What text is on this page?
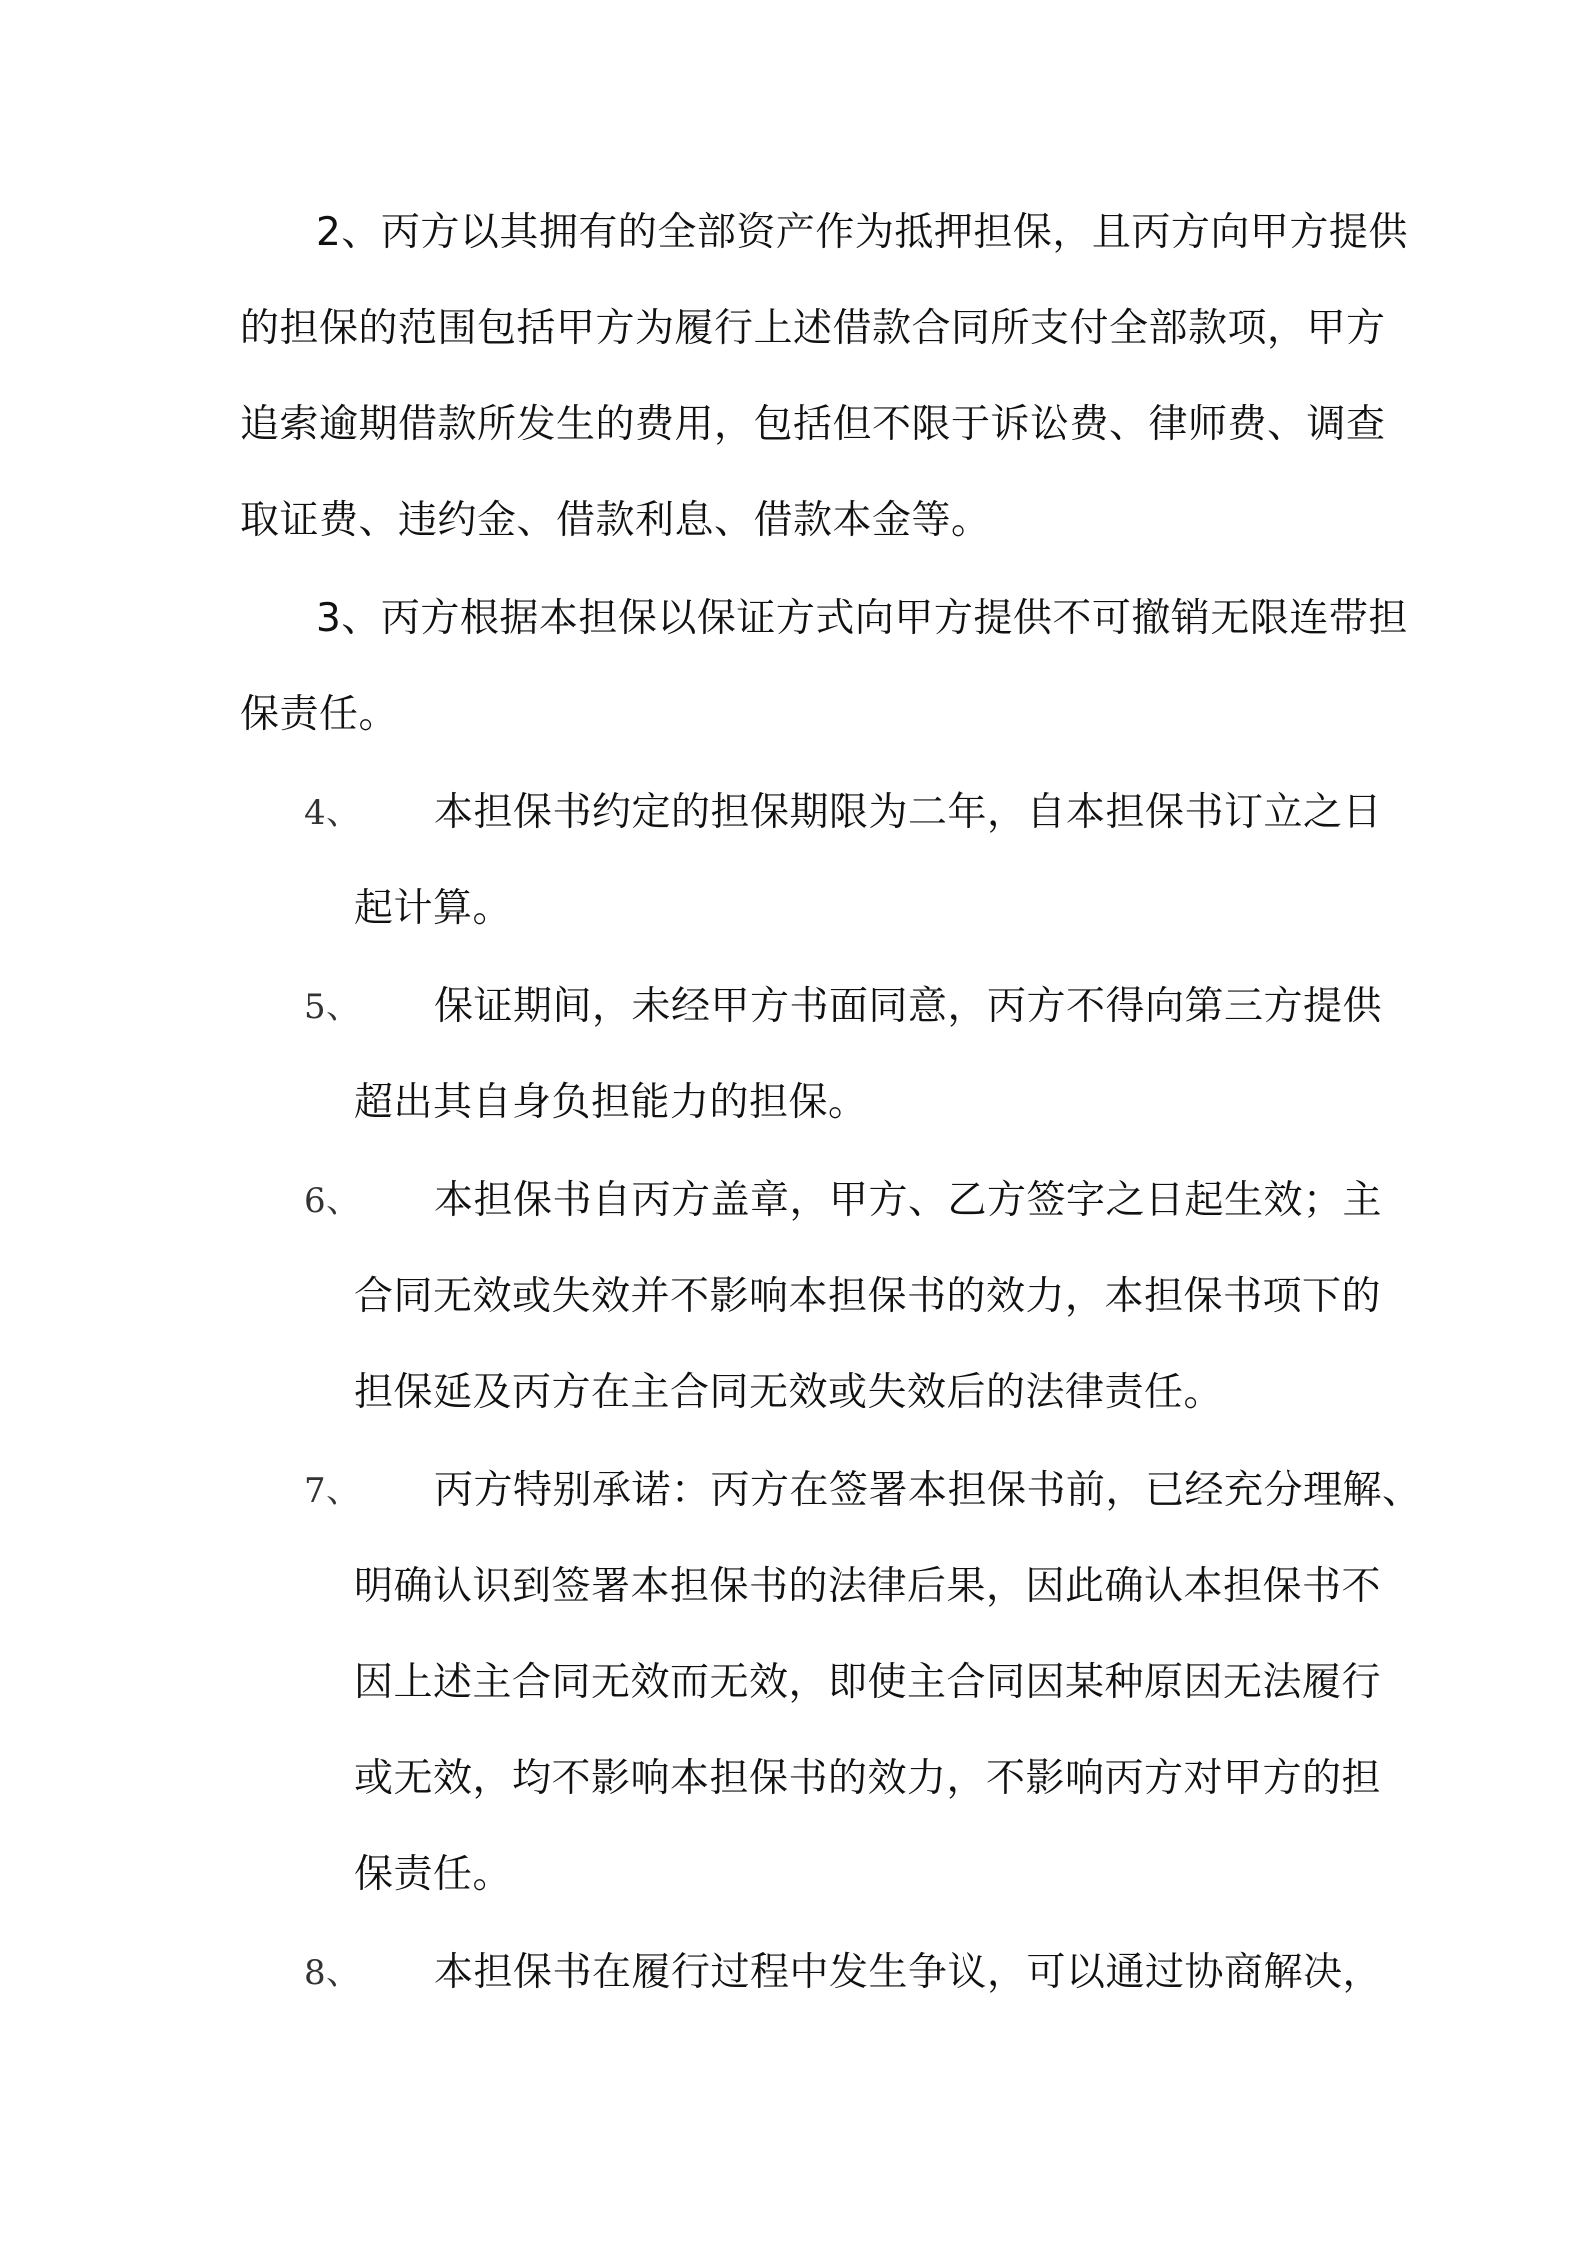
2、丙方以其拥有的全部资产作为抵押担保，且丙方向甲方提供
的担保的范围包括甲方为履行上述借款合同所支付全部款项，甲方
追索逾期借款所发生的费用，包括但不限于诉讼费、律师费、调查
取证费、违约金、借款利息、借款本金等。
3、丙方根据本担保以保证方式向甲方提供不可撤销无限连带担
保责任。
4、 本担保书约定的担保期限为二年，自本担保书订立之日
起计算。
5、 保证期间，未经甲方书面同意，丙方不得向第三方提供
超出其自身负担能力的担保。
6、 本担保书自丙方盖章，甲方、乙方签字之日起生效；主
合同无效或失效并不影响本担保书的效力，本担保书项下的
担保延及丙方在主合同无效或失效后的法律责任。
7、 丙方特别承诺：丙方在签署本担保书前，已经充分理解、
明确认识到签署本担保书的法律后果，因此确认本担保书不
因上述主合同无效而无效，即使主合同因某种原因无法履行
或无效，均不影响本担保书的效力，不影响丙方对甲方的担
保责任。
8、 本担保书在履行过程中发生争议，可以通过协商解决，
